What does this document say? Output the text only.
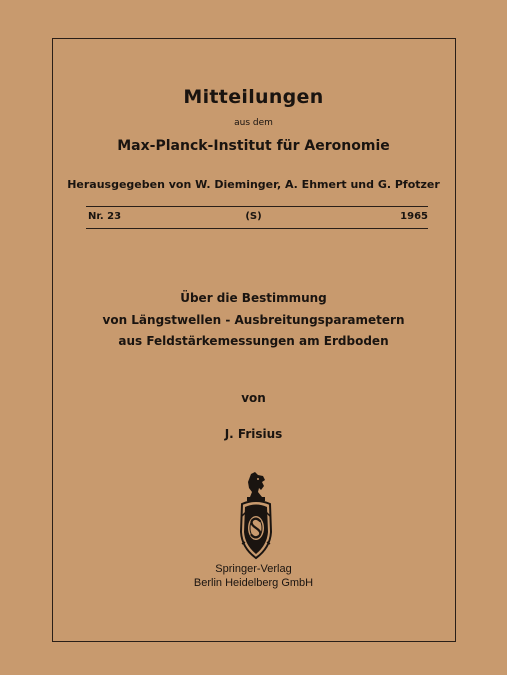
Mitteilungen
aus dem
Max-Planck-Institut für Aeronomie
Herausgegeben von W. Dieminger, A. Ehmert und G. Pfotzer
Nr. 23	(S)	1965
Über die Bestimmung
von Längstwellen - Ausbreitungsparametern
aus Feldstärkemessungen am Erdboden
von
J. Frisius
Springer-Verlag
Berlin Heidelberg GmbH
